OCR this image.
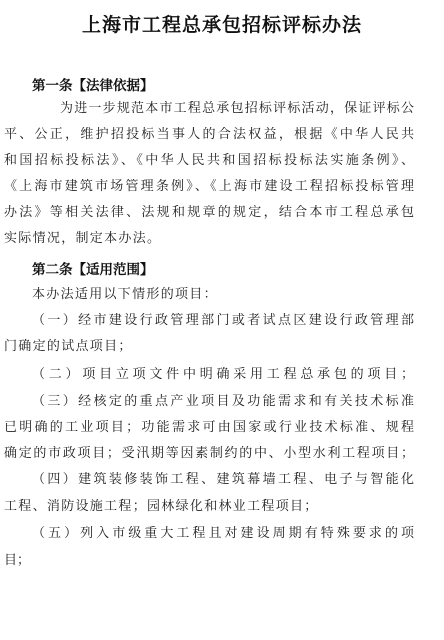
上海市工程总承包招标评标办法
第一条【法律依据】
为进一步规范本市工程总承包招标评标活动，保证评标公
平、公正，维护招投标当事人的合法权益，根据《中华人民共
和国招标投标法》、《中华人民共和国招标投标法实施条例》、
《上海市建筑市场管理条例》、《上海市建设工程招标投标管理
办法》等相关法律、法规和规章的规定，结合本市工程总承包
实际情况，制定本办法。
第二条【适用范围】
本办法适用以下情形的项目：
（一）经市建设行政管理部门或者试点区建设行政管理部
门确定的试点项目；
（二）项目立项文件中明确采用工程总承包的项目；
（三）经核定的重点产业项目及功能需求和有关技术标准
已明确的工业项目；功能需求可由国家或行业技术标准、规程
确定的市政项目；受汛期等因素制约的中、小型水利工程项目；
（四）建筑装修装饰工程、建筑幕墙工程、电子与智能化
工程、消防设施工程；园林绿化和林业工程项目；
（五）列入市级重大工程且对建设周期有特殊要求的项
目；
